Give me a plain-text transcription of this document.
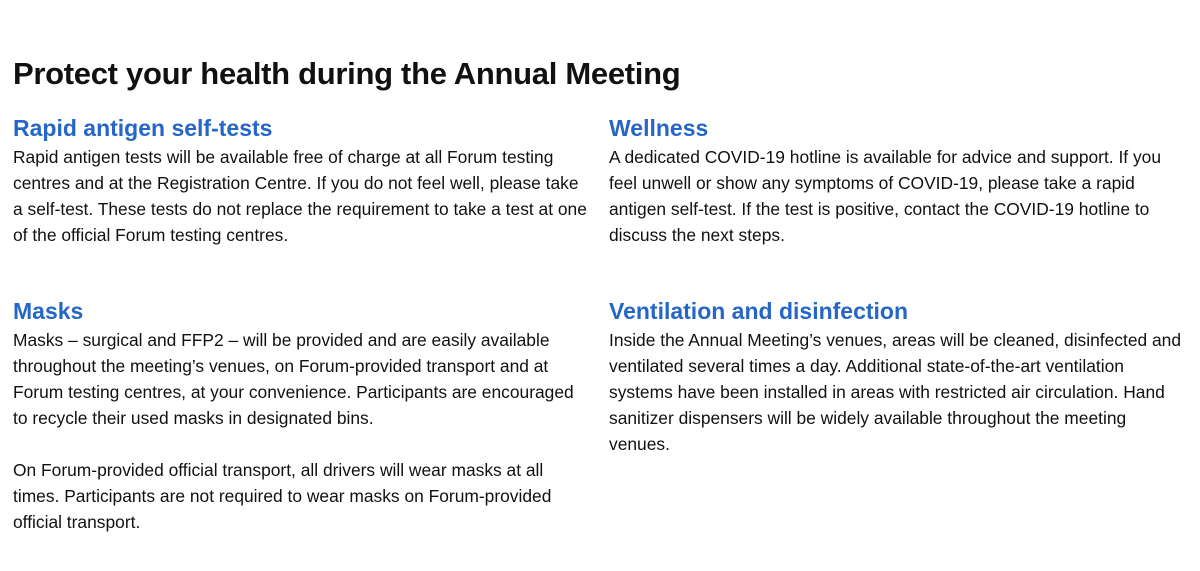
Protect your health during the Annual Meeting
Rapid antigen self-tests

Rapid antigen tests will be available free of charge at all Forum testing centres and at the Registration Centre. If you do not feel well, please take a self-test. These tests do not replace the requirement to take a test at one of the official Forum testing centres.

Wellness

A dedicated COVID-19 hotline is available for advice and support. If you feel unwell or show any symptoms of COVID-19, please take a rapid antigen self-test. If the test is positive, contact the COVID-19 hotline to discuss the next steps.

Masks

Masks – surgical and FFP2 – will be provided and are easily available throughout the meeting’s venues, on Forum-provided transport and at Forum testing centres, at your convenience. Participants are encouraged to recycle their used masks in designated bins.

On Forum-provided official transport, all drivers will wear masks at all times. Participants are not required to wear masks on Forum-provided official transport.

Ventilation and disinfection

Inside the Annual Meeting’s venues, areas will be cleaned, disinfected and ventilated several times a day. Additional state-of-the-art ventilation systems have been installed in areas with restricted air circulation. Hand sanitizer dispensers will be widely available throughout the meeting venues.
